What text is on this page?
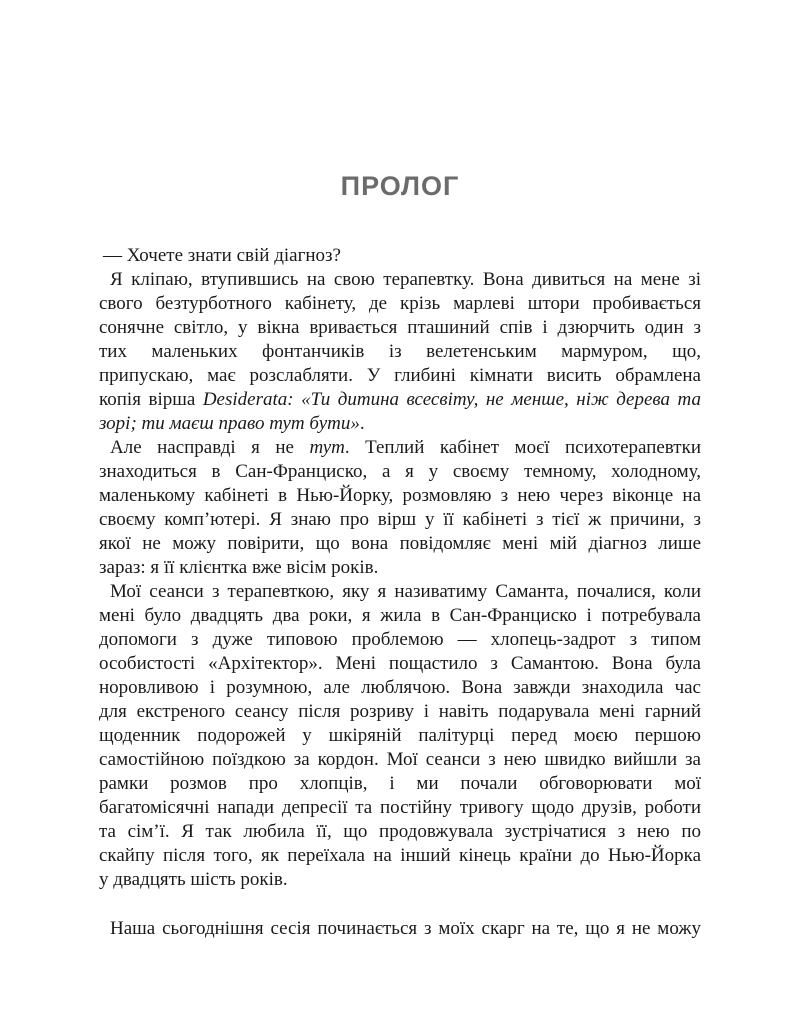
ПРОЛОГ
— Хочете знати свій діагноз?
Я кліпаю, втупившись на свою терапевтку. Вона дивиться на мене зі
свого безтурботного кабінету, де крізь марлеві штори пробивається
сонячне світло, у вікна вривається пташиний спів і дзюрчить один з
тих маленьких фонтанчиків із велетенським мармуром, що,
припускаю, має розслабляти. У глибині кімнати висить обрамлена
копія вірша Desiderata: «Ти дитина всесвіту, не менше, ніж дерева та
зорі; ти маєш право тут бути».
Але насправді я не тут. Теплий кабінет моєї психотерапевтки
знаходиться в Сан-Франциско, а я у своєму темному, холодному,
маленькому кабінеті в Нью-Йорку, розмовляю з нею через віконце на
своєму комп’ютері. Я знаю про вірш у її кабінеті з тієї ж причини, з
якої не можу повірити, що вона повідомляє мені мій діагноз лише
зараз: я її клієнтка вже вісім років.
Мої сеанси з терапевткою, яку я називатиму Саманта, почалися, коли
мені було двадцять два роки, я жила в Сан-Франциско і потребувала
допомоги з дуже типовою проблемою — хлопець-задрот з типом
особистості «Архітектор». Мені пощастило з Самантою. Вона була
норовливою і розумною, але люблячою. Вона завжди знаходила час
для екстреного сеансу після розриву і навіть подарувала мені гарний
щоденник подорожей у шкіряній палітурці перед моєю першою
самостійною поїздкою за кордон. Мої сеанси з нею швидко вийшли за
рамки розмов про хлопців, і ми почали обговорювати мої
багатомісячні напади депресії та постійну тривогу щодо друзів, роботи
та сім’ї. Я так любила її, що продовжувала зустрічатися з нею по
скайпу після того, як переїхала на інший кінець країни до Нью-Йорка
у двадцять шість років.
Наша сьогоднішня сесія починається з моїх скарг на те, що я не можу
